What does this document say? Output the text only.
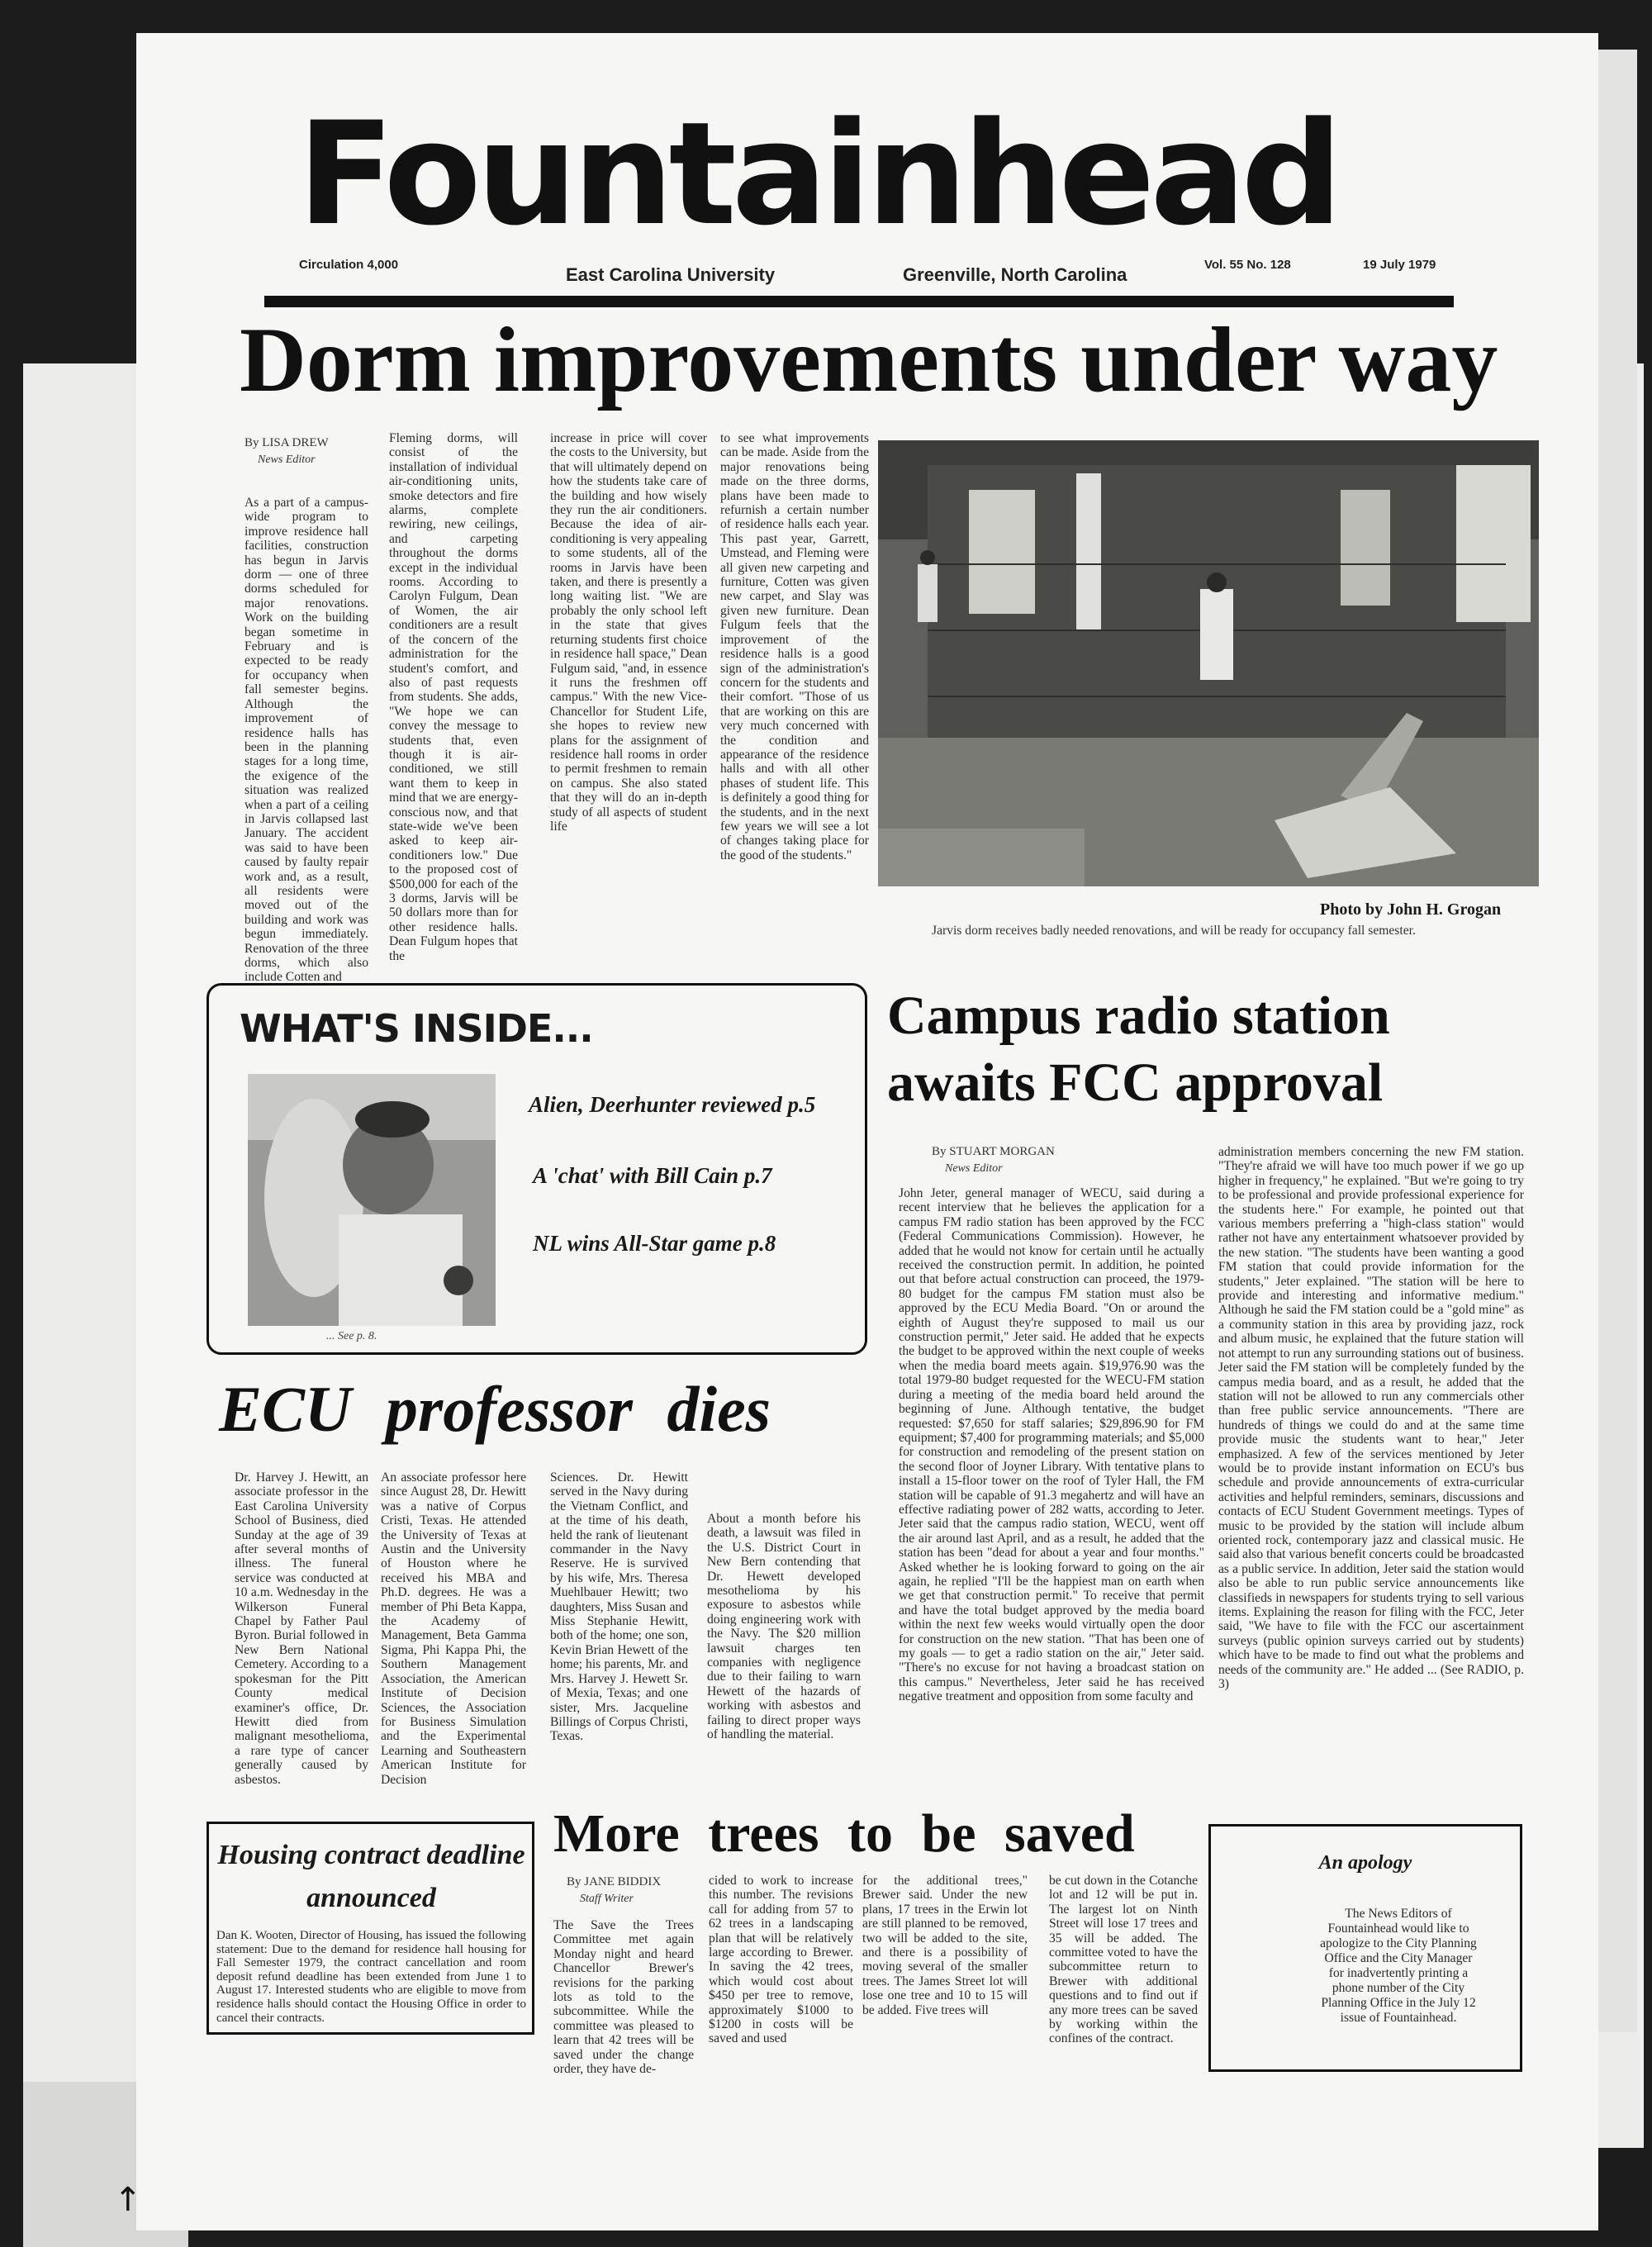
↑
Fountainhead
Circulation 4,000	East Carolina University	Greenville, North Carolina	Vol. 55 No. 128	19 July 1979
Dorm improvements under way
By LISA DREW
News Editor
As a part of a campus-wide program to improve residence hall facilities, construction has begun in Jarvis dorm — one of three dorms scheduled for major renovations. Work on the building began sometime in February and is expected to be ready for occupancy when fall semester begins. Although the improvement of residence halls has been in the planning stages for a long time, the exigence of the situation was realized when a part of a ceiling in Jarvis collapsed last January. The accident was said to have been caused by faulty repair work and, as a result, all residents were moved out of the building and work was begun immediately. Renovation of the three dorms, which also include Cotten and
Fleming dorms, will consist of the installation of individual air-conditioning units, smoke detectors and fire alarms, complete rewiring, new ceilings, and carpeting throughout the dorms except in the individual rooms. According to Carolyn Fulgum, Dean of Women, the air conditioners are a result of the concern of the administration for the student's comfort, and also of past requests from students. She adds, "We hope we can convey the message to students that, even though it is air-conditioned, we still want them to keep in mind that we are energy-conscious now, and that state-wide we've been asked to keep air-conditioners low." Due to the proposed cost of $500,000 for each of the 3 dorms, Jarvis will be 50 dollars more than for other residence halls. Dean Fulgum hopes that the
increase in price will cover the costs to the University, but that will ultimately depend on how the students take care of the building and how wisely they run the air conditioners. Because the idea of air-conditioning is very appealing to some students, all of the rooms in Jarvis have been taken, and there is presently a long waiting list. "We are probably the only school left in the state that gives returning students first choice in residence hall space," Dean Fulgum said, "and, in essence it runs the freshmen off campus." With the new Vice-Chancellor for Student Life, she hopes to review new plans for the assignment of residence hall rooms in order to permit freshmen to remain on campus. She also stated that they will do an in-depth study of all aspects of student life
to see what improvements can be made. Aside from the major renovations being made on the three dorms, plans have been made to refurnish a certain number of residence halls each year. This past year, Garrett, Umstead, and Fleming were all given new carpeting and furniture, Cotten was given new carpet, and Slay was given new furniture. Dean Fulgum feels that the improvement of the residence halls is a good sign of the administration's concern for the students and their comfort. "Those of us that are working on this are very much concerned with the condition and appearance of the residence halls and with all other phases of student life. This is definitely a good thing for the students, and in the next few years we will see a lot of changes taking place for the good of the students."
Photo by John H. Grogan
Jarvis dorm receives badly needed renovations, and will be ready for occupancy fall semester.
WHAT'S INSIDE...
... See p. 8.
Alien, Deerhunter reviewed p.5
A 'chat' with Bill Cain p.7
NL wins All-Star game p.8
Campus radio station
awaits FCC approval
By STUART MORGAN
News Editor
John Jeter, general manager of WECU, said during a recent interview that he believes the application for a campus FM radio station has been approved by the FCC (Federal Communications Commission). However, he added that he would not know for certain until he actually received the construction permit. In addition, he pointed out that before actual construction can proceed, the 1979-80 budget for the campus FM station must also be approved by the ECU Media Board. "On or around the eighth of August they're supposed to mail us our construction permit," Jeter said. He added that he expects the budget to be approved within the next couple of weeks when the media board meets again. $19,976.90 was the total 1979-80 budget requested for the WECU-FM station during a meeting of the media board held around the beginning of June. Although tentative, the budget requested: $7,650 for staff salaries; $29,896.90 for FM equipment; $7,400 for programming materials; and $5,000 for construction and remodeling of the present station on the second floor of Joyner Library. With tentative plans to install a 15-floor tower on the roof of Tyler Hall, the FM station will be capable of 91.3 megahertz and will have an effective radiating power of 282 watts, according to Jeter. Jeter said that the campus radio station, WECU, went off the air around last April, and as a result, he added that the station has been "dead for about a year and four months." Asked whether he is looking forward to going on the air again, he replied "I'll be the happiest man on earth when we get that construction permit." To receive that permit and have the total budget approved by the media board within the next few weeks would virtually open the door for construction on the new station. "That has been one of my goals — to get a radio station on the air," Jeter said. "There's no excuse for not having a broadcast station on this campus." Nevertheless, Jeter said he has received negative treatment and opposition from some faculty and
administration members concerning the new FM station. "They're afraid we will have too much power if we go up higher in frequency," he explained. "But we're going to try to be professional and provide professional experience for the students here." For example, he pointed out that various members preferring a "high-class station" would rather not have any entertainment whatsoever provided by the new station. "The students have been wanting a good FM station that could provide information for the students," Jeter explained. "The station will be here to provide and interesting and informative medium." Although he said the FM station could be a "gold mine" as a community station in this area by providing jazz, rock and album music, he explained that the future station will not attempt to run any surrounding stations out of business. Jeter said the FM station will be completely funded by the campus media board, and as a result, he added that the station will not be allowed to run any commercials other than free public service announcements. "There are hundreds of things we could do and at the same time provide music the students want to hear," Jeter emphasized. A few of the services mentioned by Jeter would be to provide instant information on ECU's bus schedule and provide announcements of extra-curricular activities and helpful reminders, seminars, discussions and contacts of ECU Student Government meetings. Types of music to be provided by the station will include album oriented rock, contemporary jazz and classical music. He said also that various benefit concerts could be broadcasted as a public service. In addition, Jeter said the station would also be able to run public service announcements like classifieds in newspapers for students trying to sell various items. Explaining the reason for filing with the FCC, Jeter said, "We have to file with the FCC our ascertainment surveys (public opinion surveys carried out by students) which have to be made to find out what the problems and needs of the community are." He added ... (See RADIO, p. 3)
ECU professor dies
Dr. Harvey J. Hewitt, an associate professor in the East Carolina University School of Business, died Sunday at the age of 39 after several months of illness. The funeral service was conducted at 10 a.m. Wednesday in the Wilkerson Funeral Chapel by Father Paul Byron. Burial followed in New Bern National Cemetery. According to a spokesman for the Pitt County medical examiner's office, Dr. Hewitt died from malignant mesothelioma, a rare type of cancer generally caused by asbestos.
An associate professor here since August 28, Dr. Hewitt was a native of Corpus Cristi, Texas. He attended the University of Texas at Austin and the University of Houston where he received his MBA and Ph.D. degrees. He was a member of Phi Beta Kappa, the Academy of Management, Beta Gamma Sigma, Phi Kappa Phi, the Southern Management Association, the American Institute of Decision Sciences, the Association for Business Simulation and the Experimental Learning and Southeastern American Institute for Decision
Sciences. Dr. Hewitt served in the Navy during the Vietnam Conflict, and at the time of his death, held the rank of lieutenant commander in the Navy Reserve. He is survived by his wife, Mrs. Theresa Muehlbauer Hewitt; two daughters, Miss Susan and Miss Stephanie Hewitt, both of the home; one son, Kevin Brian Hewett of the home; his parents, Mr. and Mrs. Harvey J. Hewett Sr. of Mexia, Texas; and one sister, Mrs. Jacqueline Billings of Corpus Christi, Texas.
About a month before his death, a lawsuit was filed in the U.S. District Court in New Bern contending that Dr. Hewett developed mesothelioma by his exposure to asbestos while doing engineering work with the Navy. The $20 million lawsuit charges ten companies with negligence due to their failing to warn Hewett of the hazards of working with asbestos and failing to direct proper ways of handling the material.
Housing contract deadline announced
Dan K. Wooten, Director of Housing, has issued the following statement: Due to the demand for residence hall housing for Fall Semester 1979, the contract cancellation and room deposit refund deadline has been extended from June 1 to August 17. Interested students who are eligible to move from residence halls should contact the Housing Office in order to cancel their contracts.
More trees to be saved
By JANE BIDDIX
Staff Writer
The Save the Trees Committee met again Monday night and heard Chancellor Brewer's revisions for the parking lots as told to the subcommittee. While the committee was pleased to learn that 42 trees will be saved under the change order, they have de-
cided to work to increase this number. The revisions call for adding from 57 to 62 trees in a landscaping plan that will be relatively large according to Brewer. In saving the 42 trees, which would cost about $450 per tree to remove, approximately $1000 to $1200 in costs will be saved and used
for the additional trees," Brewer said. Under the new plans, 17 trees in the Erwin lot are still planned to be removed, two will be added to the site, and there is a possibility of moving several of the smaller trees. The James Street lot will lose one tree and 10 to 15 will be added. Five trees will
be cut down in the Cotanche lot and 12 will be put in. The largest lot on Ninth Street will lose 17 trees and 35 will be added. The committee voted to have the subcommittee return to Brewer with additional questions and to find out if any more trees can be saved by working within the confines of the contract.
An apology
The News Editors of Fountainhead would like to apologize to the City Planning Office and the City Manager for inadvertently printing a phone number of the City Planning Office in the July 12 issue of Fountainhead.
